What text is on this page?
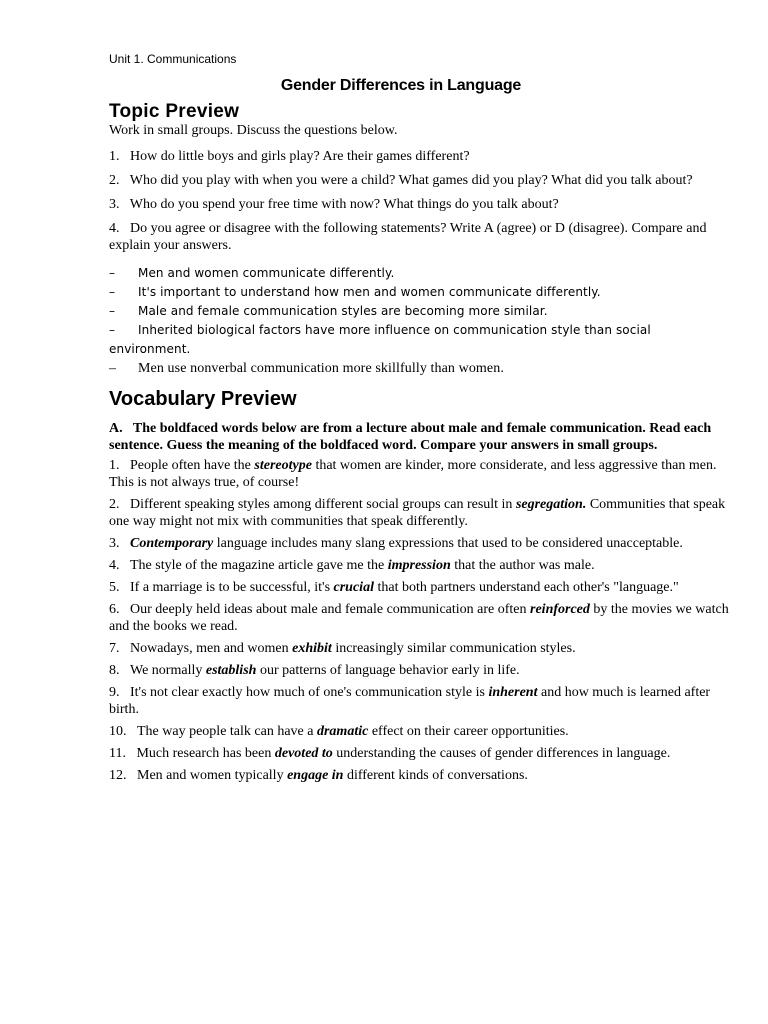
Unit 1. Communications
Gender Differences in Language
Topic Preview

Work in small groups. Discuss the questions below.

1. How do little boys and girls play? Are their games different?
2. Who did you play with when you were a child? What games did you play? What did you talk about?
3. Who do you spend your free time with now? What things do you talk about?
4. Do you agree or disagree with the following statements? Write A (agree) or D (disagree). Compare and explain your answers.
– Men and women communicate differently.
– It's important to understand how men and women communicate differently.
– Male and female communication styles are becoming more similar.
– Inherited biological factors have more influence on communication style than social environment.
– Men use nonverbal communication more skillfully than women.
Vocabulary Preview

A. The boldfaced words below are from a lecture about male and female communication. Read each sentence. Guess the meaning of the boldfaced word. Compare your answers in small groups.

1. People often have the stereotype that women are kinder, more considerate, and less aggressive than men. This is not always true, of course!
2. Different speaking styles among different social groups can result in segregation. Communities that speak one way might not mix with communities that speak differently.
3. Contemporary language includes many slang expressions that used to be considered unacceptable.
4. The style of the magazine article gave me the impression that the author was male.
5. If a marriage is to be successful, it's crucial that both partners understand each other's "language."
6. Our deeply held ideas about male and female communication are often reinforced by the movies we watch and the books we read.
7. Nowadays, men and women exhibit increasingly similar communication styles.
8. We normally establish our patterns of language behavior early in life.
9. It's not clear exactly how much of one's communication style is inherent and how much is learned after birth.
10. The way people talk can have a dramatic effect on their career opportunities.
11. Much research has been devoted to understanding the causes of gender differences in language.
12. Men and women typically engage in different kinds of conversations.
